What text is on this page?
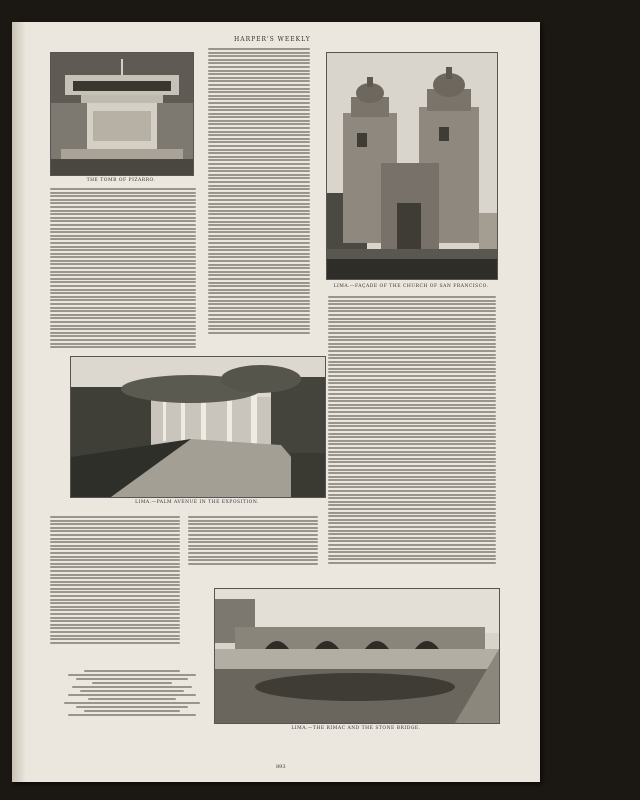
HARPER'S WEEKLY
THE TOMB OF PIZARRO.
LIMA.—FAÇADE OF THE CHURCH OF SAN FRANCISCO.
LIMA.—PALM AVENUE IN THE EXPOSITION.
LIMA.—THE RIMAC AND THE STONE BRIDGE.
893
